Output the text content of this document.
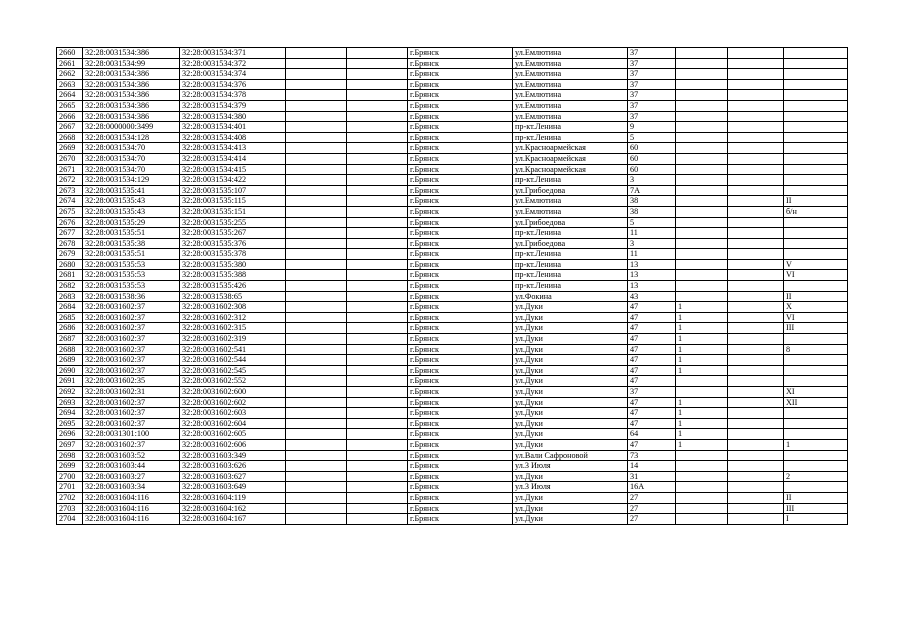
2660	32:28:0031534:386	32:28:0031534:371			г.Брянск	ул.Емлютина	37			
2661	32:28:0031534:99	32:28:0031534:372			г.Брянск	ул.Емлютина	37			
2662	32:28:0031534:386	32:28:0031534:374			г.Брянск	ул.Емлютина	37			
2663	32:28:0031534:386	32:28:0031534:376			г.Брянск	ул.Емлютина	37			
2664	32:28:0031534:386	32:28:0031534:378			г.Брянск	ул.Емлютина	37			
2665	32:28:0031534:386	32:28:0031534:379			г.Брянск	ул.Емлютина	37			
2666	32:28:0031534:386	32:28:0031534:380			г.Брянск	ул.Емлютина	37			
2667	32:28:0000000:3499	32:28:0031534:401			г.Брянск	пр-кт.Ленина	9			
2668	32:28:0031534:128	32:28:0031534:408			г.Брянск	пр-кт.Ленина	5			
2669	32:28:0031534:70	32:28:0031534:413			г.Брянск	ул.Красноармейская	60			
2670	32:28:0031534:70	32:28:0031534:414			г.Брянск	ул.Красноармейская	60			
2671	32:28:0031534:70	32:28:0031534:415			г.Брянск	ул.Красноармейская	60			
2672	32:28:0031534:129	32:28:0031534:422			г.Брянск	пр-кт.Ленина	3			
2673	32:28:0031535:41	32:28:0031535:107			г.Брянск	ул.Грибоедова	7А			
2674	32:28:0031535:43	32:28:0031535:115			г.Брянск	ул.Емлютина	38			II
2675	32:28:0031535:43	32:28:0031535:151			г.Брянск	ул.Емлютина	38			б/н
2676	32:28:0031535:29	32:28:0031535:255			г.Брянск	ул.Грибоедова	5			
2677	32:28:0031535:51	32:28:0031535:267			г.Брянск	пр-кт.Ленина	11			
2678	32:28:0031535:38	32:28:0031535:376			г.Брянск	ул.Грибоедова	3			
2679	32:28:0031535:51	32:28:0031535:378			г.Брянск	пр-кт.Ленина	11			
2680	32:28:0031535:53	32:28:0031535:380			г.Брянск	пр-кт.Ленина	13			V
2681	32:28:0031535:53	32:28:0031535:388			г.Брянск	пр-кт.Ленина	13			VI
2682	32:28:0031535:53	32:28:0031535:426			г.Брянск	пр-кт.Ленина	13			
2683	32:28:0031538:36	32:28:0031538:65			г.Брянск	ул.Фокина	43			II
2684	32:28:0031602:37	32:28:0031602:308			г.Брянск	ул.Дуки	47	1		X
2685	32:28:0031602:37	32:28:0031602:312			г.Брянск	ул.Дуки	47	1		VI
2686	32:28:0031602:37	32:28:0031602:315			г.Брянск	ул.Дуки	47	1		III
2687	32:28:0031602:37	32:28:0031602:319			г.Брянск	ул.Дуки	47	1		
2688	32:28:0031602:37	32:28:0031602:541			г.Брянск	ул.Дуки	47	1		8
2689	32:28:0031602:37	32:28:0031602:544			г.Брянск	ул.Дуки	47	1		
2690	32:28:0031602:37	32:28:0031602:545			г.Брянск	ул.Дуки	47	1		
2691	32:28:0031602:35	32:28:0031602:552			г.Брянск	ул.Дуки	47			
2692	32:28:0031602:31	32:28:0031602:600			г.Брянск	ул.Дуки	37			XI
2693	32:28:0031602:37	32:28:0031602:602			г.Брянск	ул.Дуки	47	1		XII
2694	32:28:0031602:37	32:28:0031602:603			г.Брянск	ул.Дуки	47	1		
2695	32:28:0031602:37	32:28:0031602:604			г.Брянск	ул.Дуки	47	1		
2696	32:28:0031301:100	32:28:0031602:605			г.Брянск	ул.Дуки	64	1		
2697	32:28:0031602:37	32:28:0031602:606			г.Брянск	ул.Дуки	47	1		1
2698	32:28:0031603:52	32:28:0031603:349			г.Брянск	ул.Вали Сафроновой	73			
2699	32:28:0031603:44	32:28:0031603:626			г.Брянск	ул.3 Июля	14			
2700	32:28:0031603:27	32:28:0031603:627			г.Брянск	ул.Дуки	31			2
2701	32:28:0031603:34	32:28:0031603:649			г.Брянск	ул.3 Июля	16А			
2702	32:28:0031604:116	32:28:0031604:119			г.Брянск	ул.Дуки	27			II
2703	32:28:0031604:116	32:28:0031604:162			г.Брянск	ул.Дуки	27			III
2704	32:28:0031604:116	32:28:0031604:167			г.Брянск	ул.Дуки	27			I
